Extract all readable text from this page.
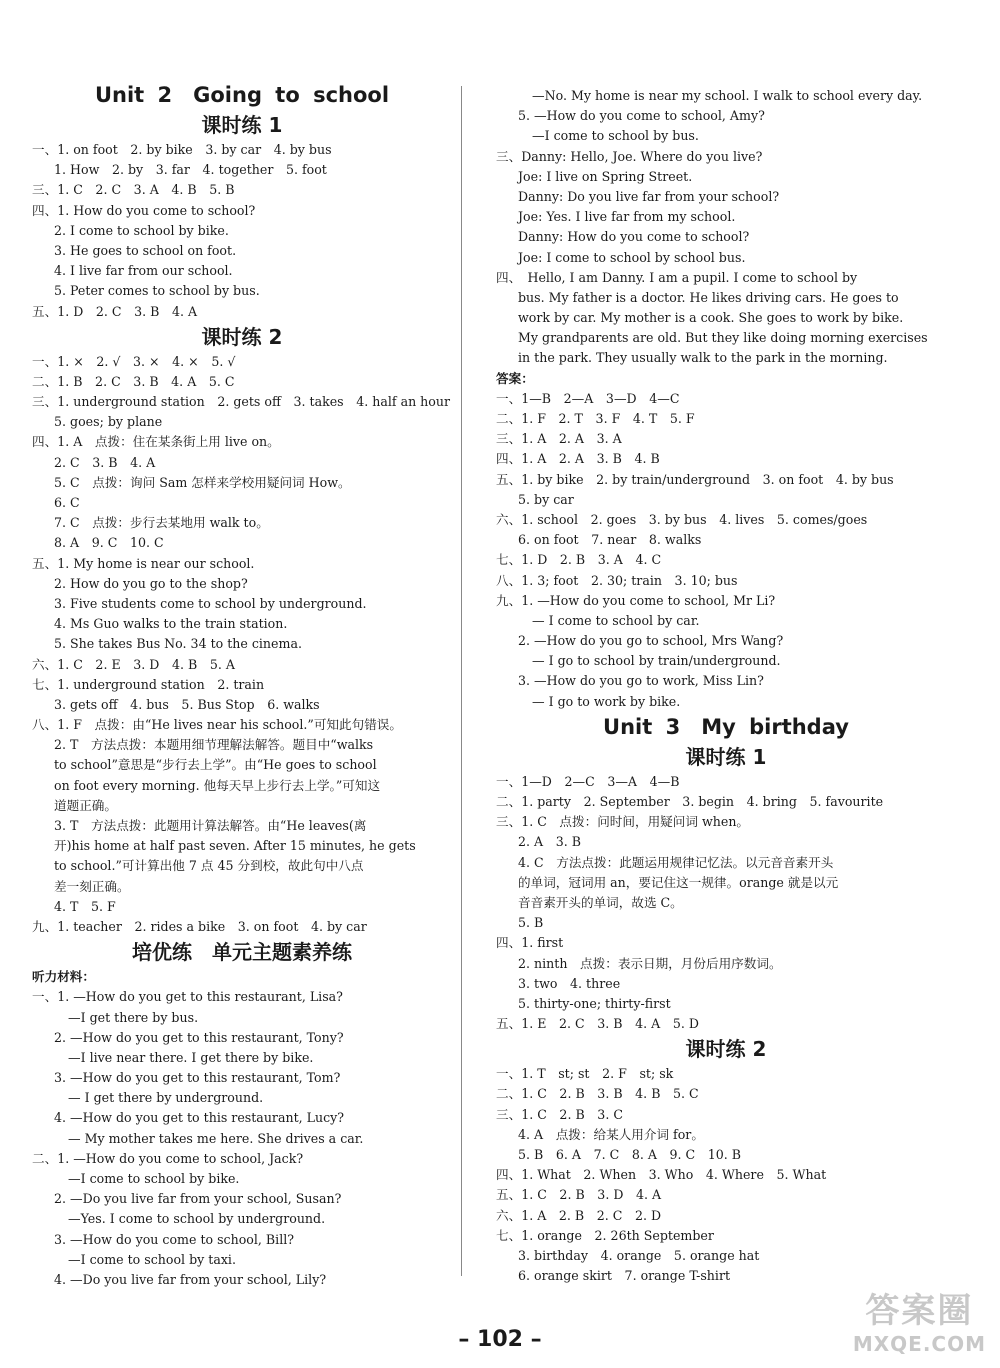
Unit 2　Going to school
课时练 1
一、1. on foot　2. by bike　3. by car　4. by bus
1. How　2. by　3. far　4. together　5. foot
三、1. C　2. C　3. A　4. B　5. B
四、1. How do you come to school?
2. I come to school by bike.
3. He goes to school on foot.
4. I live far from our school.
5. Peter comes to school by bus.
五、1. D　2. C　3. B　4. A
课时练 2
一、1. ×　2. √　3. ×　4. ×　5. √
二、1. B　2. C　3. B　4. A　5. C
三、1. underground station　2. gets off　3. takes　4. half an hour
5. goes; by plane
四、1. A　点拨：住在某条街上用 live on。
2. C　3. B　4. A
5. C　点拨：询问 Sam 怎样来学校用疑问词 How。
6. C
7. C　点拨：步行去某地用 walk to。
8. A　9. C　10. C
五、1. My home is near our school.
2. How do you go to the shop?
3. Five students come to school by underground.
4. Ms Guo walks to the train station.
5. She takes Bus No. 34 to the cinema.
六、1. C　2. E　3. D　4. B　5. A
七、1. underground station　2. train
3. gets off　4. bus　5. Bus Stop　6. walks
八、1. F　点拨：由“He lives near his school.”可知此句错误。
2. T　方法点拨：本题用细节理解法解答。题目中“walks
to school”意思是“步行去上学”。由“He goes to school
on foot every morning. 他每天早上步行去上学。”可知这
道题正确。
3. T　方法点拨：此题用计算法解答。由“He leaves(离
开)his home at half past seven. After 15 minutes, he gets
to school.”可计算出他 7 点 45 分到校，故此句中八点
差一刻正确。
4. T　5. F
九、1. teacher　2. rides a bike　3. on foot　4. by car
培优练　单元主题素养练
听力材料：
一、1. —How do you get to this restaurant, Lisa?
—I get there by bus.
2. —How do you get to this restaurant, Tony?
—I live near there. I get there by bike.
3. —How do you get to this restaurant, Tom?
— I get there by underground.
4. —How do you get to this restaurant, Lucy?
— My mother takes me here. She drives a car.
二、1. —How do you come to school, Jack?
—I come to school by bike.
2. —Do you live far from your school, Susan?
—Yes. I come to school by underground.
3. —How do you come to school, Bill?
—I come to school by taxi.
4. —Do you live far from your school, Lily?
—No. My home is near my school. I walk to school every day.
5. —How do you come to school, Amy?
—I come to school by bus.
三、Danny: Hello, Joe. Where do you live?
Joe: I live on Spring Street.
Danny: Do you live far from your school?
Joe: Yes. I live far from my school.
Danny: How do you come to school?
Joe: I come to school by school bus.
四、　Hello, I am Danny. I am a pupil. I come to school by
bus. My father is a doctor. He likes driving cars. He goes to
work by car. My mother is a cook. She goes to work by bike.
My grandparents are old. But they like doing morning exercises
in the park. They usually walk to the park in the morning.
答案：
一、1—B　2—A　3—D　4—C
二、1. F　2. T　3. F　4. T　5. F
三、1. A　2. A　3. A
四、1. A　2. A　3. B　4. B
五、1. by bike　2. by train/underground　3. on foot　4. by bus
5. by car
六、1. school　2. goes　3. by bus　4. lives　5. comes/goes
6. on foot　7. near　8. walks
七、1. D　2. B　3. A　4. C
八、1. 3; foot　2. 30; train　3. 10; bus
九、1. —How do you come to school, Mr Li?
— I come to school by car.
2. —How do you go to school, Mrs Wang?
— I go to school by train/underground.
3. —How do you go to work, Miss Lin?
— I go to work by bike.
Unit 3　My birthday
课时练 1
一、1—D　2—C　3—A　4—B
二、1. party　2. September　3. begin　4. bring　5. favourite
三、1. C　点拨：问时间，用疑问词 when。
2. A　3. B
4. C　方法点拨：此题运用规律记忆法。以元音音素开头
的单词，冠词用 an，要记住这一规律。orange 就是以元
音音素开头的单词，故选 C。
5. B
四、1. first
2. ninth　点拨：表示日期，月份后用序数词。
3. two　4. three
5. thirty-one; thirty-first
五、1. E　2. C　3. B　4. A　5. D
课时练 2
一、1. T　st; st　2. F　st; sk
二、1. C　2. B　3. B　4. B　5. C
三、1. C　2. B　3. C
4. A　点拨：给某人用介词 for。
5. B　6. A　7. C　8. A　9. C　10. B
四、1. What　2. When　3. Who　4. Where　5. What
五、1. C　2. B　3. D　4. A
六、1. A　2. B　2. C　2. D
七、1. orange　2. 26th September
3. birthday　4. orange　5. orange hat
6. orange skirt　7. orange T-shirt
– 102 –
答案圈
MXQE.COM
